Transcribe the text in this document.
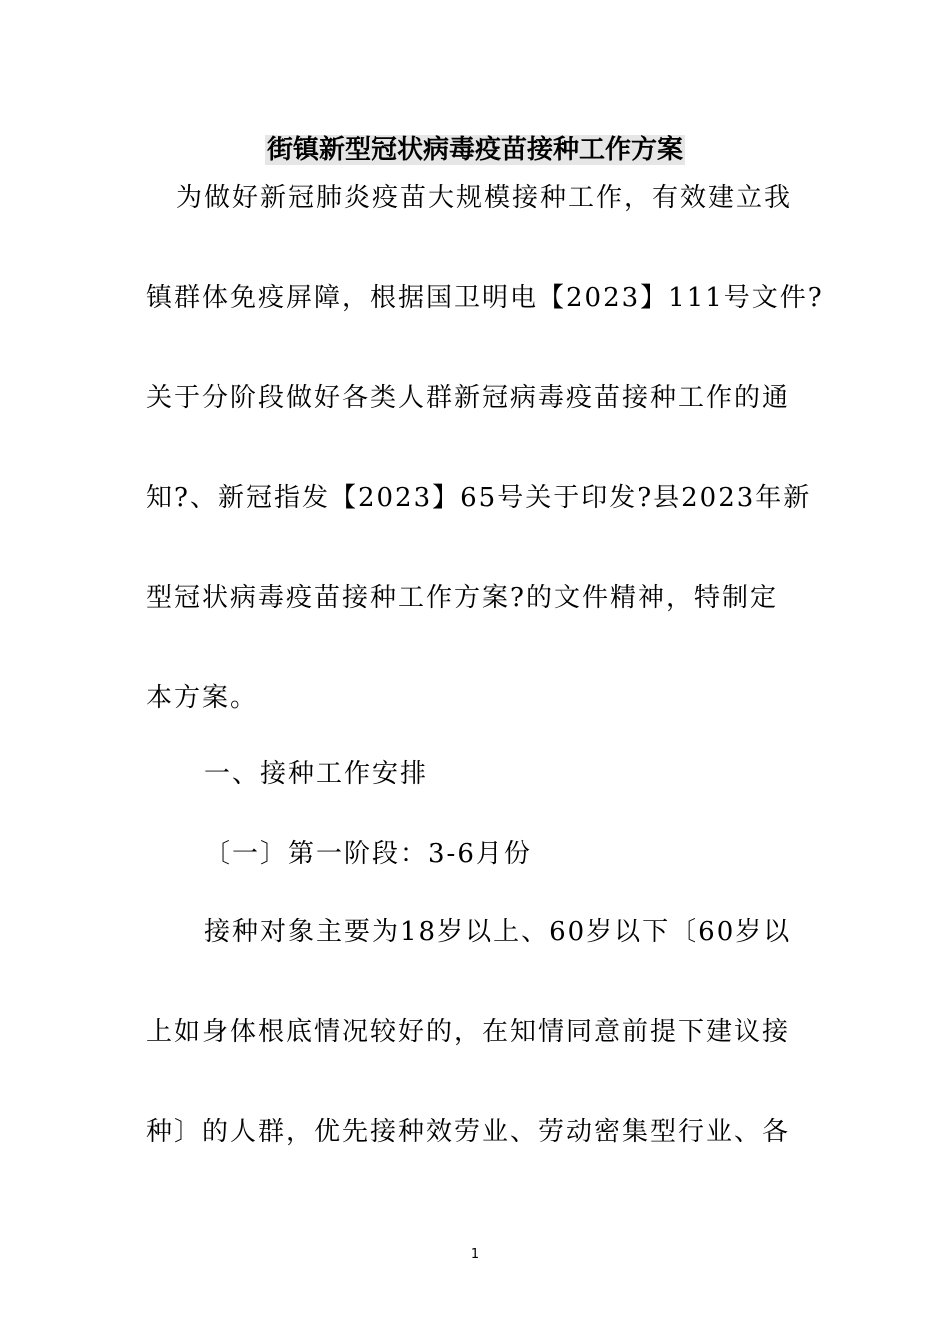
街镇新型冠状病毒疫苗接种工作方案

为做好新冠肺炎疫苗大规模接种工作，有效建立我

镇群体免疫屏障，根据国卫明电【2023】111号文件?

关于分阶段做好各类人群新冠病毒疫苗接种工作的通

知?、新冠指发【2023】65号关于印发?县2023年新

型冠状病毒疫苗接种工作方案?的文件精神，特制定

本方案。

一、接种工作安排

〔一〕第一阶段：3-6月份

接种对象主要为18岁以上、60岁以下〔60岁以

上如身体根底情况较好的，在知情同意前提下建议接

种〕的人群，优先接种效劳业、劳动密集型行业、各

1
